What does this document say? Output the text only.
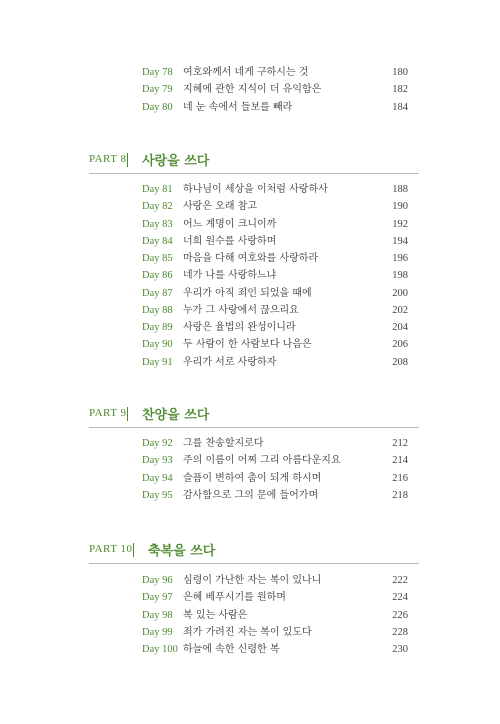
Day 78 여호와께서 네게 구하시는 것	180
Day 79 지혜에 관한 지식이 더 유익함은	182
Day 80 네 눈 속에서 들보를 빼라	184
PART 8 사랑을 쓰다
Day 81 하나님이 세상을 이처럼 사랑하사	188
Day 82 사랑은 오래 참고	190
Day 83 어느 계명이 크니이까	192
Day 84 너희 원수를 사랑하며	194
Day 85 마음을 다해 여호와를 사랑하라	196
Day 86 네가 나를 사랑하느냐	198
Day 87 우리가 아직 죄인 되었을 때에	200
Day 88 누가 그 사랑에서 끊으리요	202
Day 89 사랑은 율법의 완성이니라	204
Day 90 두 사람이 한 사람보다 나음은	206
Day 91 우리가 서로 사랑하자	208
PART 9 찬양을 쓰다
Day 92 그를 찬송할지로다	212
Day 93 주의 이름이 어찌 그리 아름다운지요	214
Day 94 슬픔이 변하여 춤이 되게 하시며	216
Day 95 감사함으로 그의 문에 들어가며	218
PART 10 축복을 쓰다
Day 96 심령이 가난한 자는 복이 있나니	222
Day 97 은혜 베푸시기를 원하며	224
Day 98 복 있는 사람은	226
Day 99 죄가 가려진 자는 복이 있도다	228
Day 100 하늘에 속한 신령한 복	230
